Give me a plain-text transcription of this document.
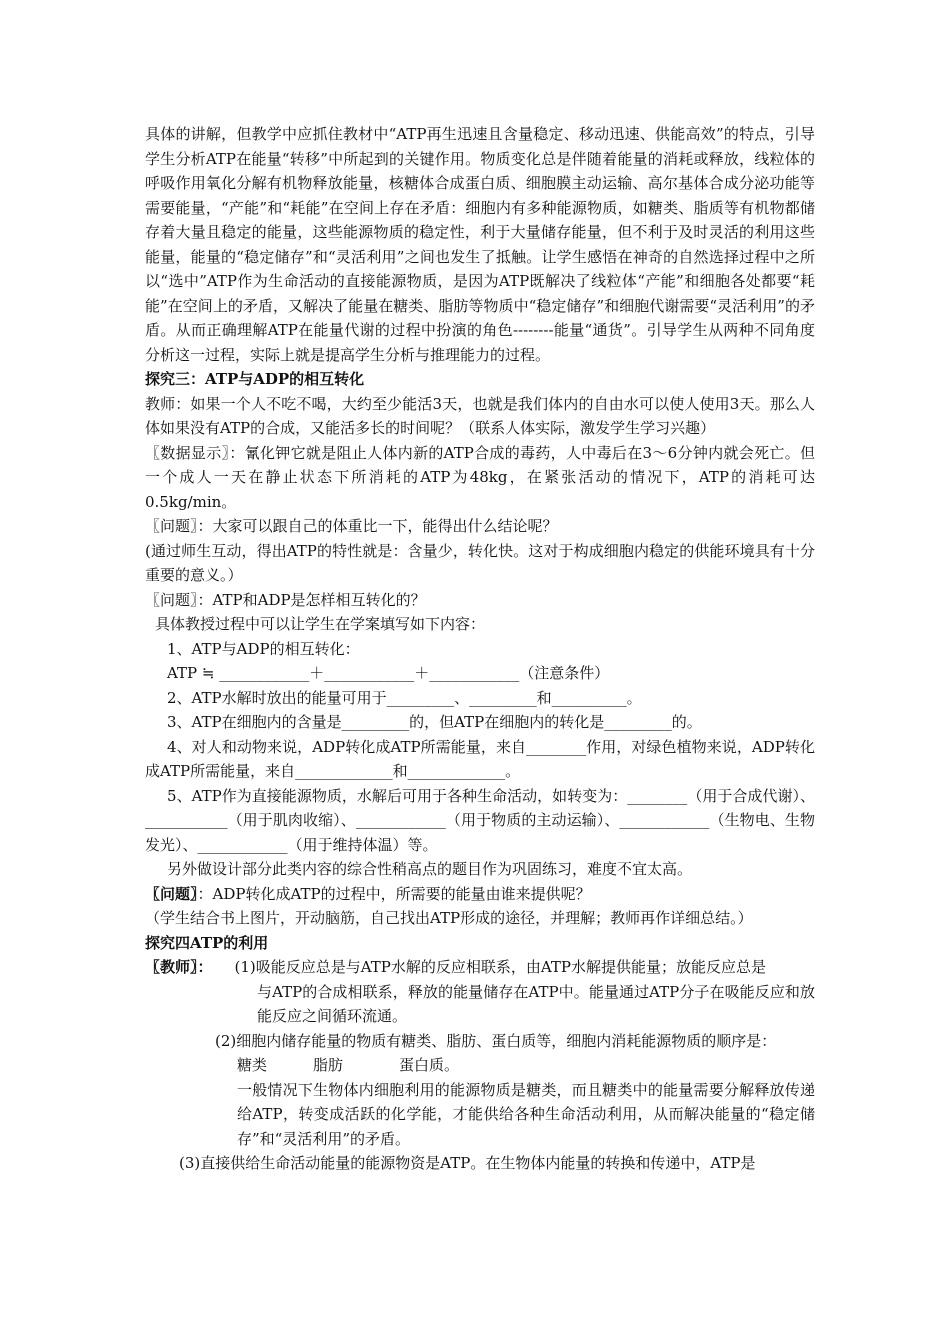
具体的讲解，但教学中应抓住教材中“ATP再生迅速且含量稳定、移动迅速、供能高效”的特点，引导学生分析ATP在能量“转移”中所起到的关键作用。物质变化总是伴随着能量的消耗或释放，线粒体的呼吸作用氧化分解有机物释放能量，核糖体合成蛋白质、细胞膜主动运输、高尔基体合成分泌功能等需要能量，“产能”和“耗能”在空间上存在矛盾：细胞内有多种能源物质，如糖类、脂质等有机物都储存着大量且稳定的能量，这些能源物质的稳定性，利于大量储存能量，但不利于及时灵活的利用这些能量，能量的“稳定储存”和“灵活利用”之间也发生了抵触。让学生感悟在神奇的自然选择过程中之所以“选中”ATP作为生命活动的直接能源物质，是因为ATP既解决了线粒体“产能”和细胞各处都要“耗能”在空间上的矛盾，又解决了能量在糖类、脂肪等物质中“稳定储存”和细胞代谢需要“灵活利用”的矛盾。从而正确理解ATP在能量代谢的过程中扮演的角色--------能量“通货”。引导学生从两种不同角度分析这一过程，实际上就是提高学生分析与推理能力的过程。

探究三：ATP与ADP的相互转化

教师：如果一个人不吃不喝，大约至少能活3天，也就是我们体内的自由水可以使人使用3天。那么人体如果没有ATP的合成，又能活多长的时间呢？（联系人体实际，激发学生学习兴趣）

〖数据显示〗：氰化钾它就是阻止人体内新的ATP合成的毒药，人中毒后在3～6分钟内就会死亡。但一个成人一天在静止状态下所消耗的ATP为48kg，在紧张活动的情况下，ATP的消耗可达0.5kg/min。

〖问题〗：大家可以跟自己的体重比一下，能得出什么结论呢？

(通过师生互动，得出ATP的特性就是：含量少，转化快。这对于构成细胞内稳定的供能环境具有十分重要的意义。）

〖问题〗：ATP和ADP是怎样相互转化的？

具体教授过程中可以让学生在学案填写如下内容：

1、ATP与ADP的相互转化：

ATP ≒ ____________＋____________＋____________（注意条件）

2、ATP水解时放出的能量可用于_________、_________和__________。

3、ATP在细胞内的含量是_________的，但ATP在细胞内的转化是_________的。

4、对人和动物来说，ADP转化成ATP所需能量，来自________作用，对绿色植物来说，ADP转化成ATP所需能量，来自_____________和_____________。

5、ATP作为直接能源物质，水解后可用于各种生命活动，如转变为：________（用于合成代谢）、___________（用于肌肉收缩）、____________（用于物质的主动运输）、____________（生物电、生物发光）、____________（用于维持体温）等。

另外做设计部分此类内容的综合性稍高点的题目作为巩固练习，难度不宜太高。

〖问题〗：ADP转化成ATP的过程中，所需要的能量由谁来提供呢？

（学生结合书上图片，开动脑筋，自己找出ATP形成的途径，并理解；教师再作详细总结。）

探究四ATP的利用

〖教师〗： (1)吸能反应总是与ATP水解的反应相联系，由ATP水解提供能量；放能反应总是

与ATP的合成相联系，释放的能量储存在ATP中。能量通过ATP分子在吸能反应和放能反应之间循环流通。

(2)细胞内储存能量的物质有糖类、脂肪、蛋白质等，细胞内消耗能源物质的顺序是：

糖类	脂肪	蛋白质。

一般情况下生物体内细胞利用的能源物质是糖类，而且糖类中的能量需要分解释放传递给ATP，转变成活跃的化学能，才能供给各种生命活动利用，从而解决能量的“稳定储存”和“灵活利用”的矛盾。

(3)直接供给生命活动能量的能源物资是ATP。在生物体内能量的转换和传递中，ATP是
